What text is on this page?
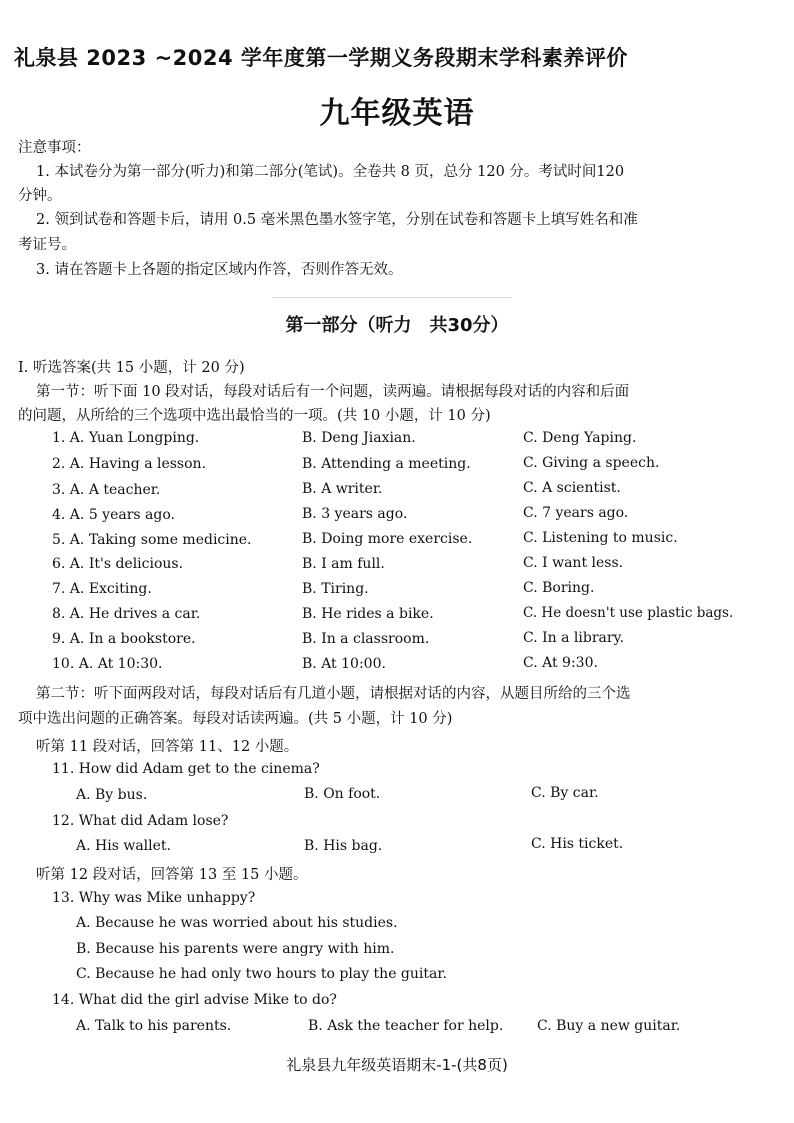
礼泉县 2023 ~2024 学年度第一学期义务段期末学科素养评价
九年级英语
注意事项：
1. 本试卷分为第一部分(听力)和第二部分(笔试)。全卷共 8 页，总分 120 分。考试时间120
分钟。
2. 领到试卷和答题卡后，请用 0.5 毫米黑色墨水签字笔，分别在试卷和答题卡上填写姓名和准
考证号。
3. 请在答题卡上各题的指定区域内作答，否则作答无效。
第一部分（听力　共30分）
Ⅰ. 听选答案(共 15 小题，计 20 分)
第一节：听下面 10 段对话，每段对话后有一个问题，读两遍。请根据每段对话的内容和后面
的问题，从所给的三个选项中选出最恰当的一项。(共 10 小题，计 10 分)
1. A. Yuan Longping.	B. Deng Jiaxian.	C. Deng Yaping.
2. A. Having a lesson.	B. Attending a meeting.	C. Giving a speech.
3. A. A teacher.	B. A writer.	C. A scientist.
4. A. 5 years ago.	B. 3 years ago.	C. 7 years ago.
5. A. Taking some medicine.	B. Doing more exercise.	C. Listening to music.
6. A. It's delicious.	B. I am full.	C. I want less.
7. A. Exciting.	B. Tiring.	C. Boring.
8. A. He drives a car.	B. He rides a bike.	C. He doesn't use plastic bags.
9. A. In a bookstore.	B. In a classroom.	C. In a library.
10. A. At 10:30.	B. At 10:00.	C. At 9:30.
第二节：听下面两段对话，每段对话后有几道小题，请根据对话的内容，从题目所给的三个选
项中选出问题的正确答案。每段对话读两遍。(共 5 小题，计 10 分)
听第 11 段对话，回答第 11、12 小题。
11. How did Adam get to the cinema?
A. By bus.	B. On foot.	C. By car.
12. What did Adam lose?
A. His wallet.	B. His bag.	C. His ticket.
听第 12 段对话，回答第 13 至 15 小题。
13. Why was Mike unhappy?
A. Because he was worried about his studies.
B. Because his parents were angry with him.
C. Because he had only two hours to play the guitar.
14. What did the girl advise Mike to do?
A. Talk to his parents.	B. Ask the teacher for help. C. Buy a new guitar.
礼泉县九年级英语期末-1-(共8页)
